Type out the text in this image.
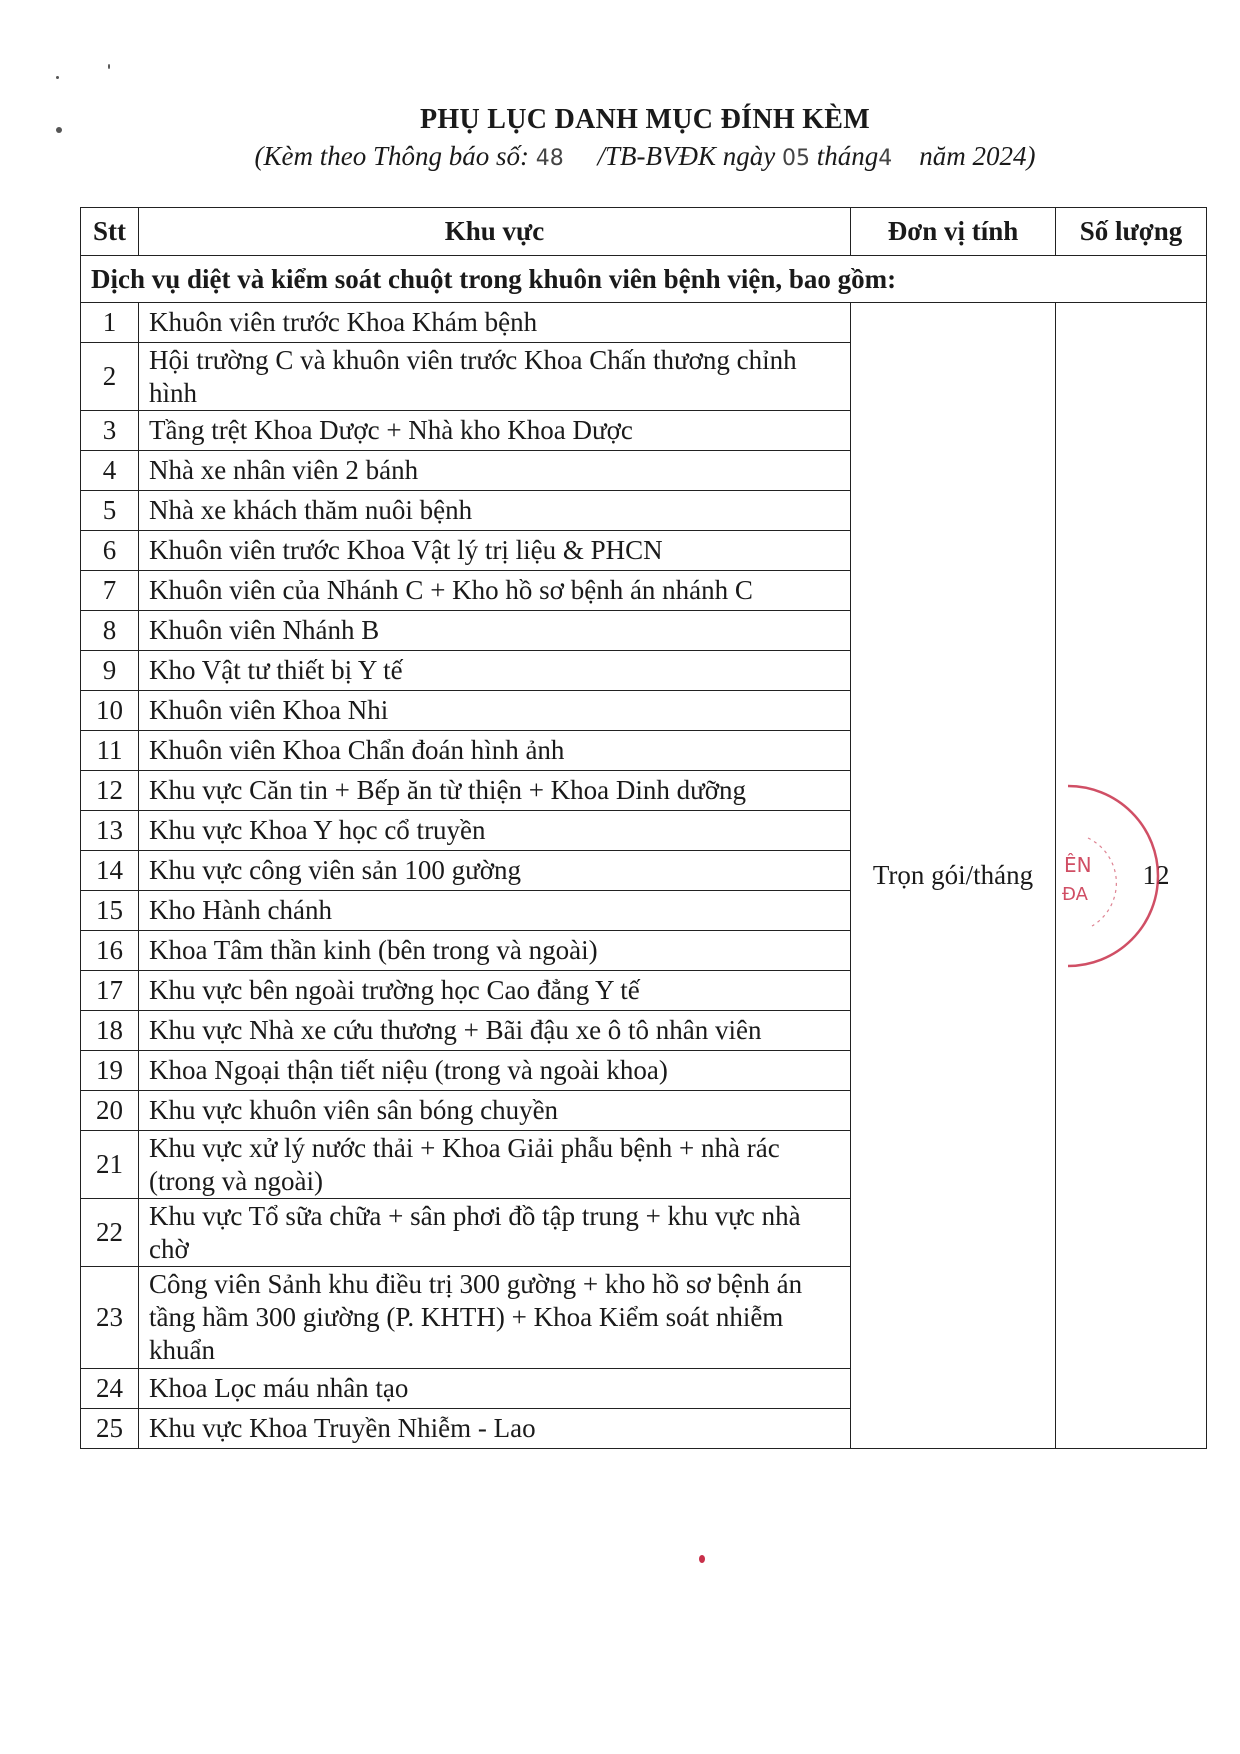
PHỤ LỤC DANH MỤC ĐÍNH KÈM
(Kèm theo Thông báo số: 48 /TB-BVĐK ngày 05 tháng4 năm 2024)
Stt	Khu vực	Đơn vị tính	Số lượng
Dịch vụ diệt và kiểm soát chuột trong khuôn viên bệnh viện, bao gồm:			
1	Khuôn viên trước Khoa Khám bệnh	Trọn gói/tháng	12
2	Hội trường C và khuôn viên trước Khoa Chấn thương chỉnh hình		
3	Tầng trệt Khoa Dược + Nhà kho Khoa Dược		
4	Nhà xe nhân viên 2 bánh		
5	Nhà xe khách thăm nuôi bệnh		
6	Khuôn viên trước Khoa Vật lý trị liệu & PHCN		
7	Khuôn viên của Nhánh C + Kho hồ sơ bệnh án nhánh C		
8	Khuôn viên Nhánh B		
9	Kho Vật tư thiết bị Y tế		
10	Khuôn viên Khoa Nhi		
11	Khuôn viên Khoa Chẩn đoán hình ảnh		
12	Khu vực Căn tin + Bếp ăn từ thiện + Khoa Dinh dưỡng		
13	Khu vực Khoa Y học cổ truyền		
14	Khu vực công viên sản 100 gường		
15	Kho Hành chánh		
16	Khoa Tâm thần kinh (bên trong và ngoài)		
17	Khu vực bên ngoài trường học Cao đẳng Y tế		
18	Khu vực Nhà xe cứu thương + Bãi đậu xe ô tô nhân viên		
19	Khoa Ngoại thận tiết niệu (trong và ngoài khoa)		
20	Khu vực khuôn viên sân bóng chuyền		
21	Khu vực xử lý nước thải + Khoa Giải phẫu bệnh + nhà rác (trong và ngoài)		
22	Khu vực Tổ sữa chữa + sân phơi đồ tập trung + khu vực nhà chờ		
23	Công viên Sảnh khu điều trị 300 gường + kho hồ sơ bệnh án tầng hầm 300 giường (P. KHTH) + Khoa Kiểm soát nhiễm khuẩn		
24	Khoa Lọc máu nhân tạo		
25	Khu vực Khoa Truyền Nhiễm - Lao		
ÊN
ĐA
